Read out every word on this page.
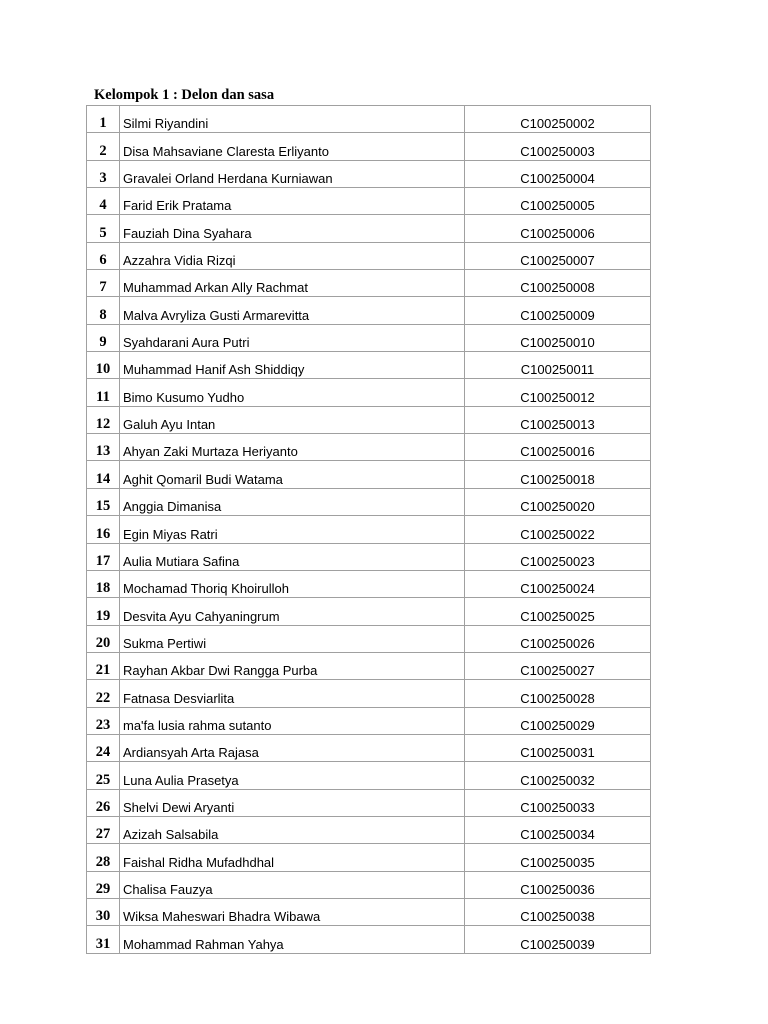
Kelompok 1 : Delon dan sasa
1	Silmi Riyandini	C100250002
2	Disa Mahsaviane Claresta Erliyanto	C100250003
3	Gravalei Orland Herdana Kurniawan	C100250004
4	Farid Erik Pratama	C100250005
5	Fauziah Dina Syahara	C100250006
6	Azzahra Vidia Rizqi	C100250007
7	Muhammad Arkan Ally Rachmat	C100250008
8	Malva Avryliza Gusti Armarevitta	C100250009
9	Syahdarani Aura Putri	C100250010
10	Muhammad Hanif Ash Shiddiqy	C100250011
11	Bimo Kusumo Yudho	C100250012
12	Galuh Ayu Intan	C100250013
13	Ahyan Zaki Murtaza Heriyanto	C100250016
14	Aghit Qomaril Budi Watama	C100250018
15	Anggia Dimanisa	C100250020
16	Egin Miyas Ratri	C100250022
17	Aulia Mutiara Safina	C100250023
18	Mochamad Thoriq Khoirulloh	C100250024
19	Desvita Ayu Cahyaningrum	C100250025
20	Sukma Pertiwi	C100250026
21	Rayhan Akbar Dwi Rangga Purba	C100250027
22	Fatnasa Desviarlita	C100250028
23	ma'fa lusia rahma sutanto	C100250029
24	Ardiansyah Arta Rajasa	C100250031
25	Luna Aulia Prasetya	C100250032
26	Shelvi Dewi Aryanti	C100250033
27	Azizah Salsabila	C100250034
28	Faishal Ridha Mufadhdhal	C100250035
29	Chalisa Fauzya	C100250036
30	Wiksa Maheswari Bhadra Wibawa	C100250038
31	Mohammad Rahman Yahya	C100250039
